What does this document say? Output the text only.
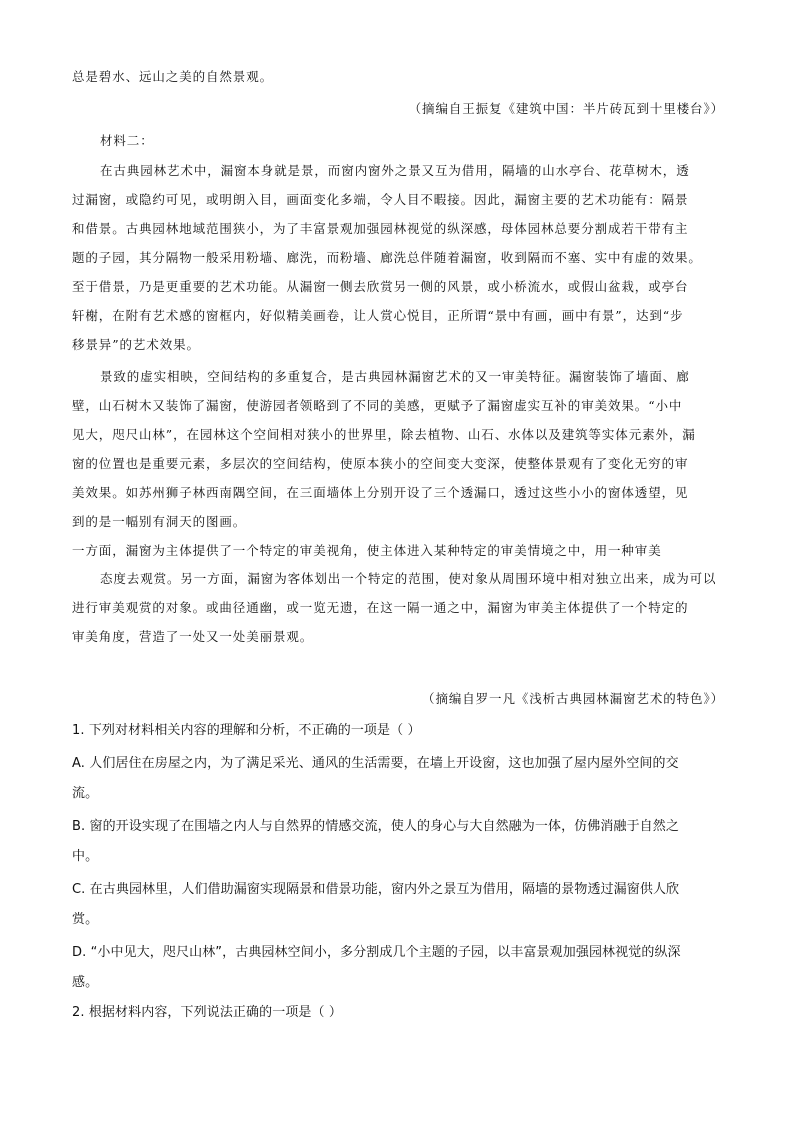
总是碧水、远山之美的自然景观。
（摘编自王振复《建筑中国：半片砖瓦到十里楼台》）
材料二：
在古典园林艺术中，漏窗本身就是景，而窗内窗外之景又互为借用，隔墙的山水亭台、花草树木，透
过漏窗，或隐约可见，或明朗入目，画面变化多端，令人目不暇接。因此，漏窗主要的艺术功能有：隔景
和借景。古典园林地域范围狭小，为了丰富景观加强园林视觉的纵深感，母体园林总要分割成若干带有主
题的子园，其分隔物一般采用粉墙、廊洗，而粉墙、廊洗总伴随着漏窗，收到隔而不塞、实中有虚的效果。
至于借景，乃是更重要的艺术功能。从漏窗一侧去欣赏另一侧的风景，或小桥流水，或假山盆栽，或亭台
轩榭，在附有艺术感的窗框内，好似精美画卷，让人赏心悦目，正所谓“景中有画，画中有景”，达到“步
移景异”的艺术效果。
景致的虚实相映，空间结构的多重复合，是古典园林漏窗艺术的又一审美特征。漏窗装饰了墙面、廊
壁，山石树木又装饰了漏窗，使游园者领略到了不同的美感，更赋予了漏窗虚实互补的审美效果。“小中
见大，咫尺山林”，在园林这个空间相对狭小的世界里，除去植物、山石、水体以及建筑等实体元素外，漏
窗的位置也是重要元素，多层次的空间结构，使原本狭小的空间变大变深，使整体景观有了变化无穷的审
美效果。如苏州狮子林西南隅空间，在三面墙体上分别开设了三个透漏口，透过这些小小的窗体透望，见
到的是一幅别有洞天的图画。
一方面，漏窗为主体提供了一个特定的审美视角，使主体进入某种特定的审美情境之中，用一种审美
态度去观赏。另一方面，漏窗为客体划出一个特定的范围，使对象从周围环境中相对独立出来，成为可以
进行审美观赏的对象。或曲径通幽，或一览无遗，在这一隔一通之中，漏窗为审美主体提供了一个特定的
审美角度，营造了一处又一处美丽景观。
（摘编自罗一凡《浅析古典园林漏窗艺术的特色》）
1. 下列对材料相关内容的理解和分析，不正确的一项是（ ）
A. 人们居住在房屋之内，为了满足采光、通风的生活需要，在墙上开设窗，这也加强了屋内屋外空间的交
流。
B. 窗的开设实现了在围墙之内人与自然界的情感交流，使人的身心与大自然融为一体，仿佛消融于自然之
中。
C. 在古典园林里，人们借助漏窗实现隔景和借景功能，窗内外之景互为借用，隔墙的景物透过漏窗供人欣
赏。
D. “小中见大，咫尺山林”，古典园林空间小，多分割成几个主题的子园，以丰富景观加强园林视觉的纵深
感。
2. 根据材料内容，下列说法正确的一项是（ ）
